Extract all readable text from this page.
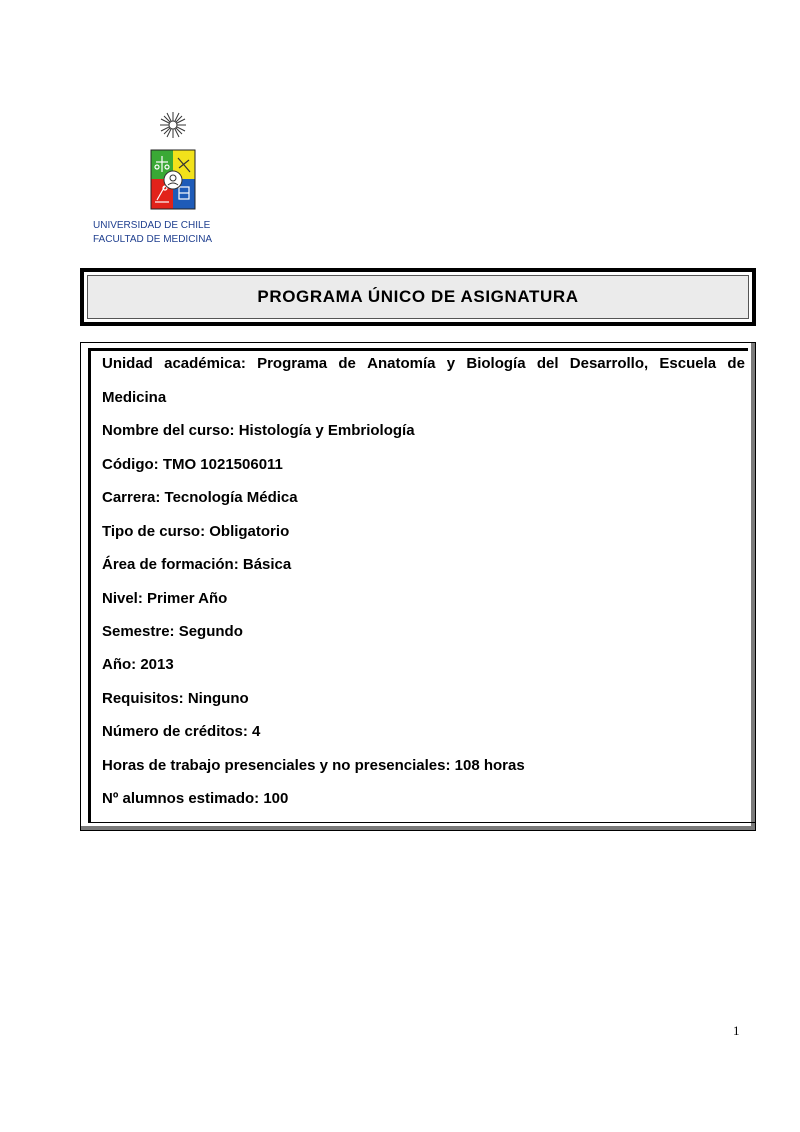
UNIVERSIDAD DE CHILE
FACULTAD DE MEDICINA
PROGRAMA ÚNICO DE ASIGNATURA
Unidad académica: Programa de Anatomía y Biología del Desarrollo, Escuela de
Medicina
Nombre del curso: Histología y Embriología
Código: TMO 1021506011
Carrera: Tecnología Médica
Tipo de curso: Obligatorio
Área de formación: Básica
Nivel: Primer Año
Semestre: Segundo
Año: 2013
Requisitos: Ninguno
Número de créditos: 4
Horas de trabajo presenciales y no presenciales: 108 horas
Nº alumnos estimado: 100
1
